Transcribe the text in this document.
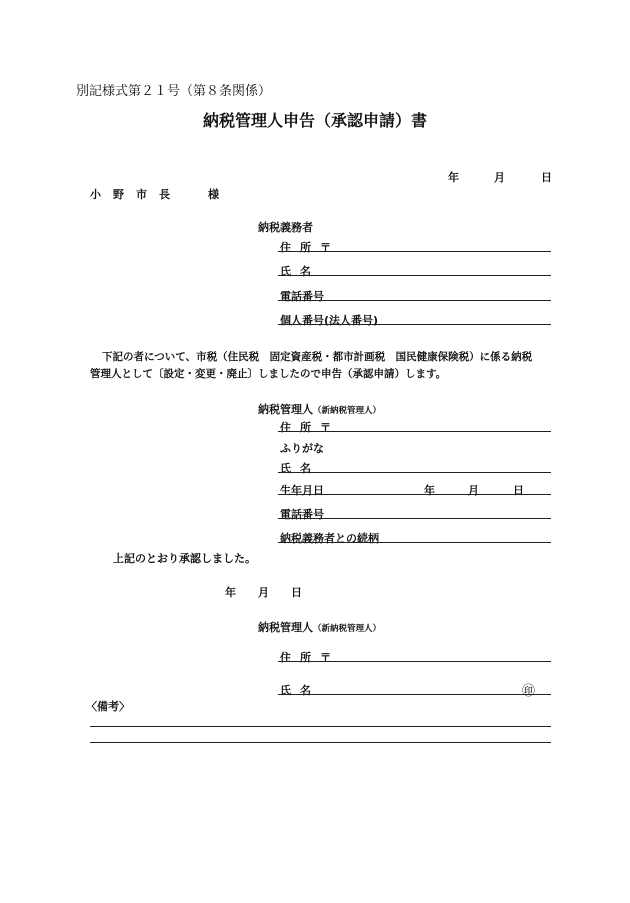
別記様式第２１号（第８条関係）
納税管理人申告（承認申請）書
年	月	日
小野市長 様
納税義務者
住所〒
氏名
電話番号
個人番号(法人番号)
下記の者について、市税（住民税　固定資産税・都市計画税　国民健康保険税）に係る納税
管理人として〔設定・変更・廃止〕しましたので申告（承認申請）します。
納税管理人（新納税管理人）
住所〒
ふりがな
氏名
生年月日	年	月	日
電話番号
納税義務者との続柄
上記のとおり承認しました。
年 月 日
納税管理人（新納税管理人）
住所〒
氏名	㊞
〈備考〉
